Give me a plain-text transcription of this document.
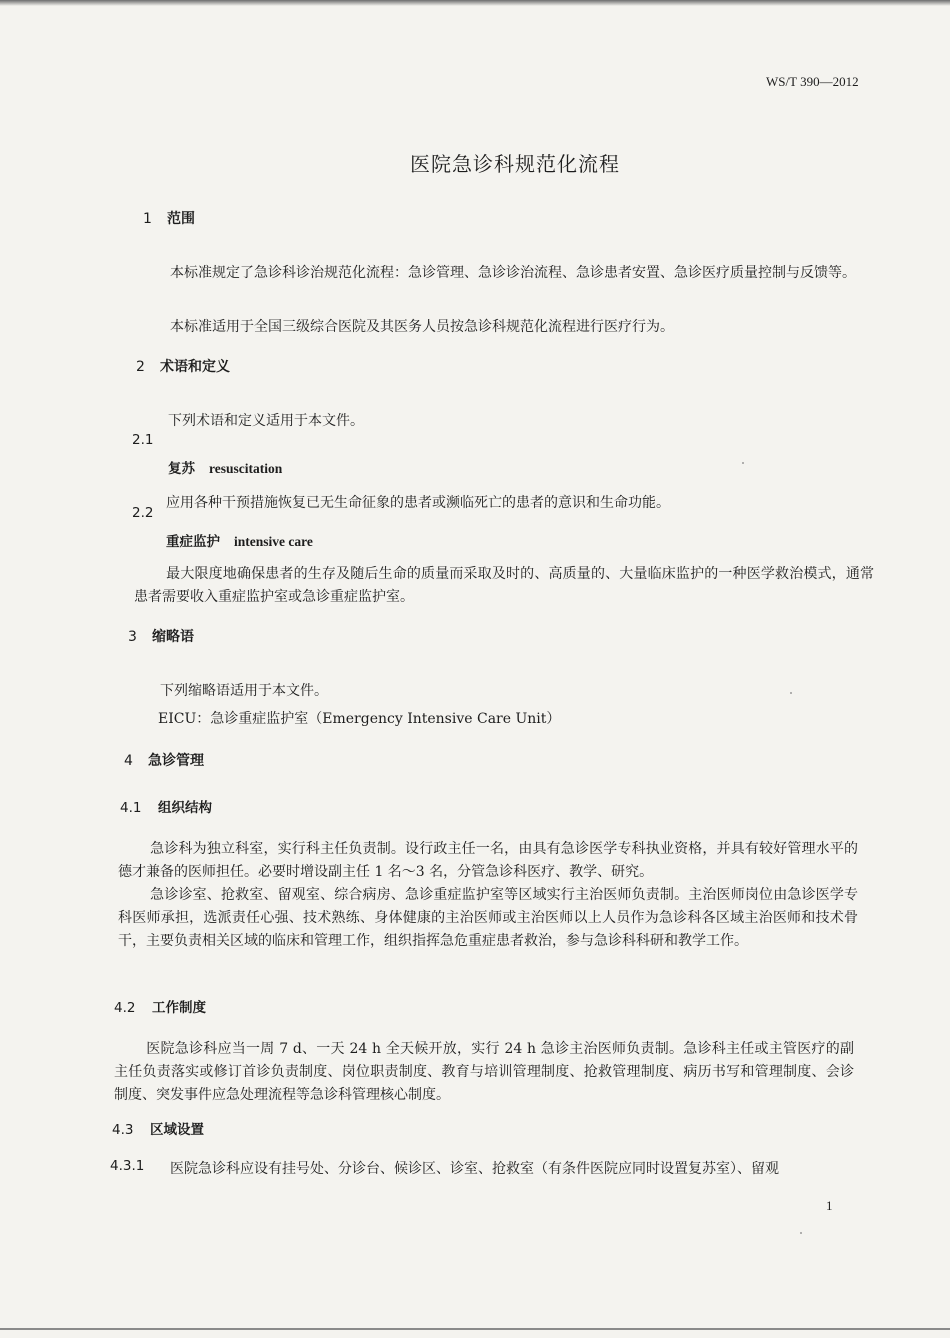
WS/T 390—2012
医院急诊科规范化流程
1 范围
本标准规定了急诊科诊治规范化流程：急诊管理、急诊诊治流程、急诊患者安置、急诊医疗质量控制与反馈等。
本标准适用于全国三级综合医院及其医务人员按急诊科规范化流程进行医疗行为。
2 术语和定义
下列术语和定义适用于本文件。
2.1
复苏 resuscitation
应用各种干预措施恢复已无生命征象的患者或濒临死亡的患者的意识和生命功能。
2.2
重症监护 intensive care
最大限度地确保患者的生存及随后生命的质量而采取及时的、高质量的、大量临床监护的一种医学救治模式，通常患者需要收入重症监护室或急诊重症监护室。
3 缩略语
下列缩略语适用于本文件。
EICU：急诊重症监护室（Emergency Intensive Care Unit）
4 急诊管理
4.1 组织结构
急诊科为独立科室，实行科主任负责制。设行政主任一名，由具有急诊医学专科执业资格，并具有较好管理水平的德才兼备的医师担任。必要时增设副主任 1 名～3 名，分管急诊科医疗、教学、研究。
急诊诊室、抢救室、留观室、综合病房、急诊重症监护室等区域实行主治医师负责制。主治医师岗位由急诊医学专科医师承担，选派责任心强、技术熟练、身体健康的主治医师或主治医师以上人员作为急诊科各区域主治医师和技术骨干，主要负责相关区域的临床和管理工作，组织指挥急危重症患者救治，参与急诊科科研和教学工作。
4.2 工作制度
医院急诊科应当一周 7 d、一天 24 h 全天候开放，实行 24 h 急诊主治医师负责制。急诊科主任或主管医疗的副主任负责落实或修订首诊负责制度、岗位职责制度、教育与培训管理制度、抢救管理制度、病历书写和管理制度、会诊制度、突发事件应急处理流程等急诊科管理核心制度。
4.3 区域设置
4.3.1 医院急诊科应设有挂号处、分诊台、候诊区、诊室、抢救室（有条件医院应同时设置复苏室）、留观
1
